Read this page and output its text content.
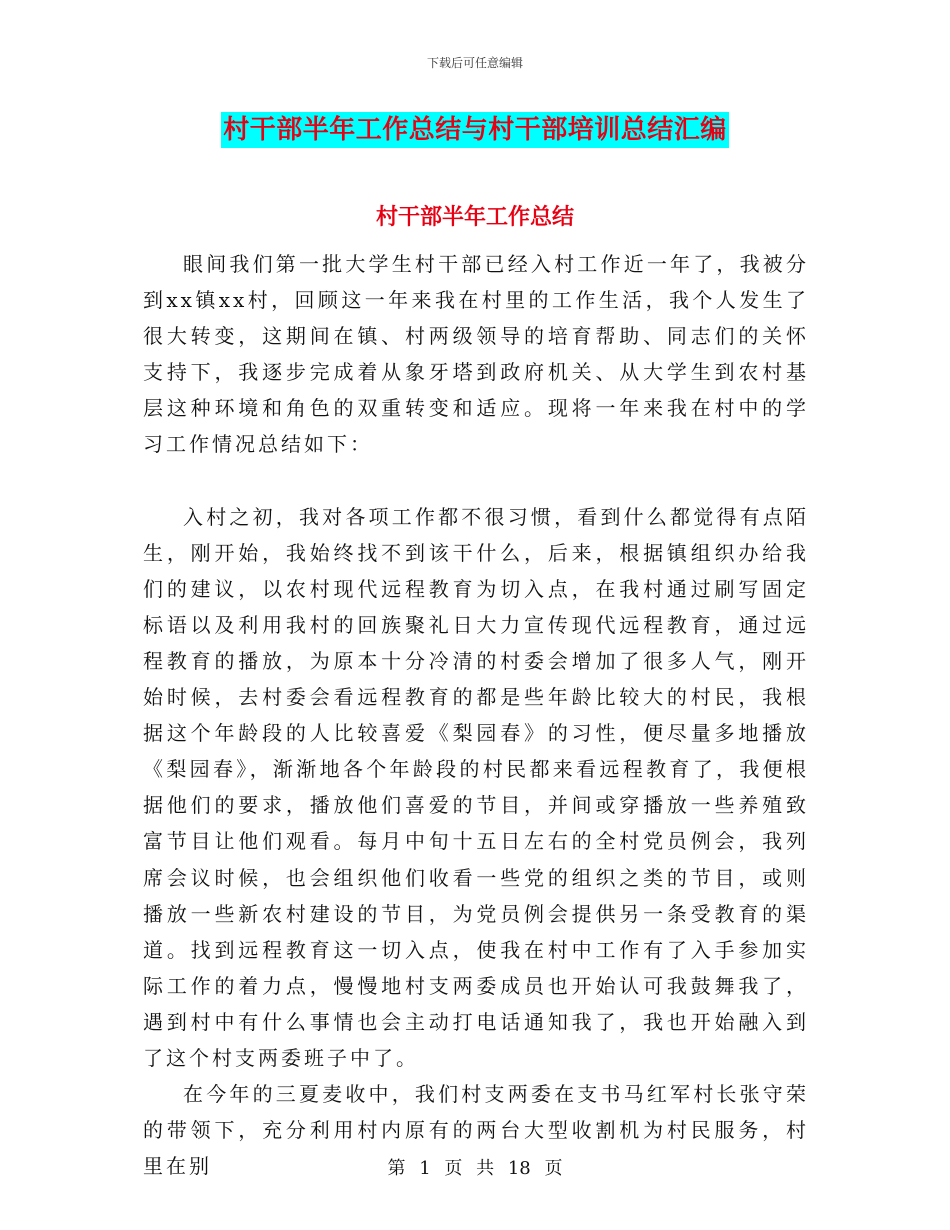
下载后可任意编辑
村干部半年工作总结与村干部培训总结汇编
村干部半年工作总结

眼间我们第一批大学生村干部已经入村工作近一年了，我被分到xx镇xx村，回顾这一年来我在村里的工作生活，我个人发生了很大转变，这期间在镇、村两级领导的培育帮助、同志们的关怀支持下，我逐步完成着从象牙塔到政府机关、从大学生到农村基层这种环境和角色的双重转变和适应。现将一年来我在村中的学习工作情况总结如下：

入村之初，我对各项工作都不很习惯，看到什么都觉得有点陌生，刚开始，我始终找不到该干什么，后来，根据镇组织办给我们的建议，以农村现代远程教育为切入点，在我村通过刷写固定标语以及利用我村的回族聚礼日大力宣传现代远程教育，通过远程教育的播放，为原本十分冷清的村委会增加了很多人气，刚开始时候，去村委会看远程教育的都是些年龄比较大的村民，我根据这个年龄段的人比较喜爱《梨园春》的习性，便尽量多地播放《梨园春》，渐渐地各个年龄段的村民都来看远程教育了，我便根据他们的要求，播放他们喜爱的节目，并间或穿播放一些养殖致富节目让他们观看。每月中旬十五日左右的全村党员例会，我列席会议时候，也会组织他们收看一些党的组织之类的节目，或则播放一些新农村建设的节目，为党员例会提供另一条受教育的渠道。找到远程教育这一切入点，使我在村中工作有了入手参加实际工作的着力点，慢慢地村支两委成员也开始认可我鼓舞我了，遇到村中有什么事情也会主动打电话通知我了，我也开始融入到了这个村支两委班子中了。

在今年的三夏麦收中，我们村支两委在支书马红军村长张守荣的带领下，充分利用村内原有的两台大型收割机为村民服务，村里在别	第 1 页 共 18 页
